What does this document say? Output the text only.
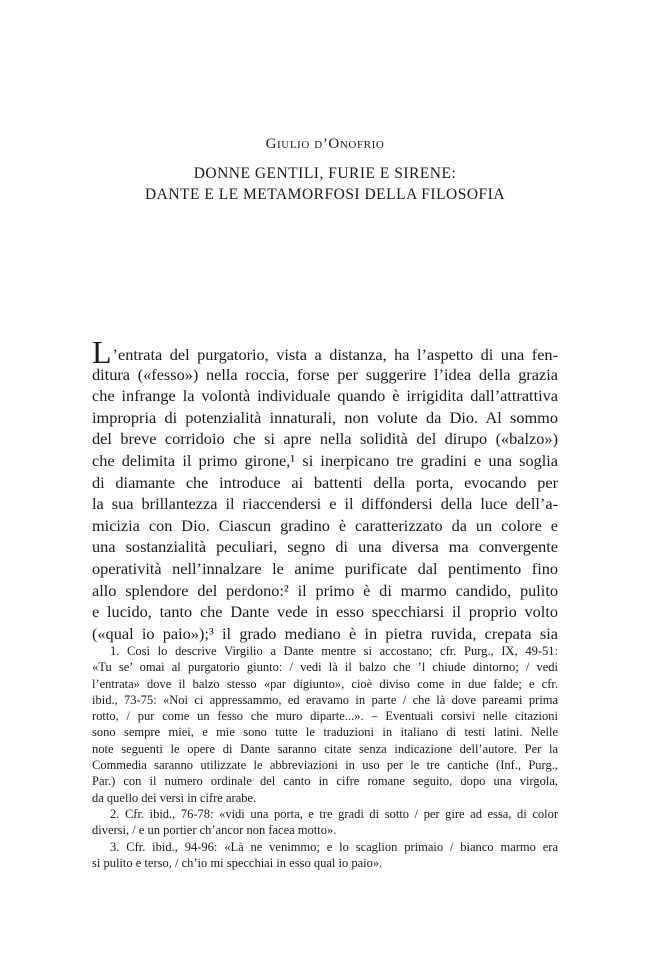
Giulio d’Onofrio
DONNE GENTILI, FURIE E SIRENE:
DANTE E LE METAMORFOSI DELLA FILOSOFIA
L’entrata del purgatorio, vista a distanza, ha l’aspetto di una fen-
ditura («fesso») nella roccia, forse per suggerire l’idea della grazia
che infrange la volontà individuale quando è irrigidita dall’attrattiva
impropria di potenzialità innaturali, non volute da Dio. Al sommo
del breve corridoio che si apre nella solidità del dirupo («balzo»)
che delimita il primo girone,¹ si inerpicano tre gradini e una soglia
di diamante che introduce ai battenti della porta, evocando per
la sua brillantezza il riaccendersi e il diffondersi della luce dell’a-
micizia con Dio. Ciascun gradino è caratterizzato da un colore e
una sostanzialità peculiari, segno di una diversa ma convergente
operatività nell’innalzare le anime purificate dal pentimento fino
allo splendore del perdono:² il primo è di marmo candido, pulito
e lucido, tanto che Dante vede in esso specchiarsi il proprio volto
(«qual io paio»);³ il grado mediano è in pietra ruvida, crepata sia
1. Così lo descrive Virgilio a Dante mentre si accostano; cfr. Purg., IX, 49-51:
«Tu se’ omai al purgatorio giunto: / vedi là il balzo che ’l chiude dintorno; / vedi
l’entrata» dove il balzo stesso «par digiunto», cioè diviso come in due falde; e cfr.
ibid., 73-75: «Noi ci appressammo, ed eravamo in parte / che là dove pareami prima
rotto, / pur come un fesso che muro diparte...». – Eventuali corsivi nelle citazioni
sono sempre miei, e mie sono tutte le traduzioni in italiano di testi latini. Nelle
note seguenti le opere di Dante saranno citate senza indicazione dell’autore. Per la
Commedia saranno utilizzate le abbreviazioni in uso per le tre cantiche (Inf., Purg.,
Par.) con il numero ordinale del canto in cifre romane seguito, dopo una virgola,
da quello dei versi in cifre arabe.
2. Cfr. ibid., 76-78: «vidi una porta, e tre gradi di sotto / per gire ad essa, di color
diversi, / e un portier ch’ancor non facea motto».
3. Cfr. ibid., 94-96: «Là ne venimmo; e lo scaglion primaio / bianco marmo era
sì pulito e terso, / ch’io mi specchiai in esso qual io paio».
